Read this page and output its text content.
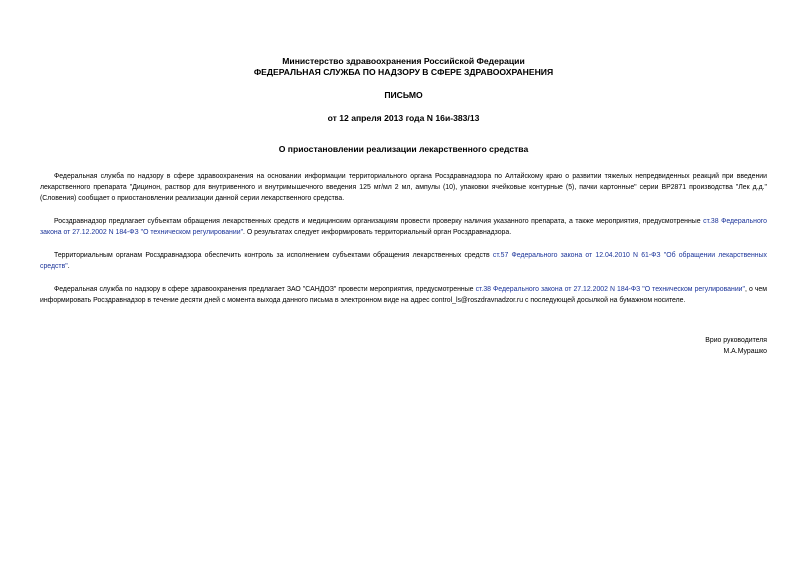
Министерство здравоохранения Российской Федерации
ФЕДЕРАЛЬНАЯ СЛУЖБА ПО НАДЗОРУ В СФЕРЕ ЗДРАВООХРАНЕНИЯ
ПИСЬМО
от 12 апреля 2013 года N 16и-383/13
О приостановлении реализации лекарственного средства

Федеральная служба по надзору в сфере здравоохранения на основании информации территориального органа Росздравнадзора по Алтайскому краю о развитии тяжелых непредвиденных реакций при введении лекарственного препарата "Дицинон, раствор для внутривенного и внутримышечного введения 125 мг/мл 2 мл, ампулы (10), упаковки ячейковые контурные (5), пачки картонные" серии BP2871 производства "Лек д.д." (Словения) сообщает о приостановлении реализации данной серии лекарственного средства.

Росздравнадзор предлагает субъектам обращения лекарственных средств и медицинским организациям провести проверку наличия указанного препарата, а также мероприятия, предусмотренные ст.38 Федерального закона от 27.12.2002 N 184-ФЗ "О техническом регулировании". О результатах следует информировать территориальный орган Росздравнадзора.

Территориальным органам Росздравнадзора обеспечить контроль за исполнением субъектами обращения лекарственных средств ст.57 Федерального закона от 12.04.2010 N 61-ФЗ "Об обращении лекарственных средств".

Федеральная служба по надзору в сфере здравоохранения предлагает ЗАО "САНДОЗ" провести мероприятия, предусмотренные ст.38 Федерального закона от 27.12.2002 N 184-ФЗ "О техническом регулировании", о чем информировать Росздравнадзор в течение десяти дней с момента выхода данного письма в электронном виде на адрес control_ls@roszdravnadzor.ru с последующей досылкой на бумажном носителе.

Врио руководителя
М.А.Мурашко
